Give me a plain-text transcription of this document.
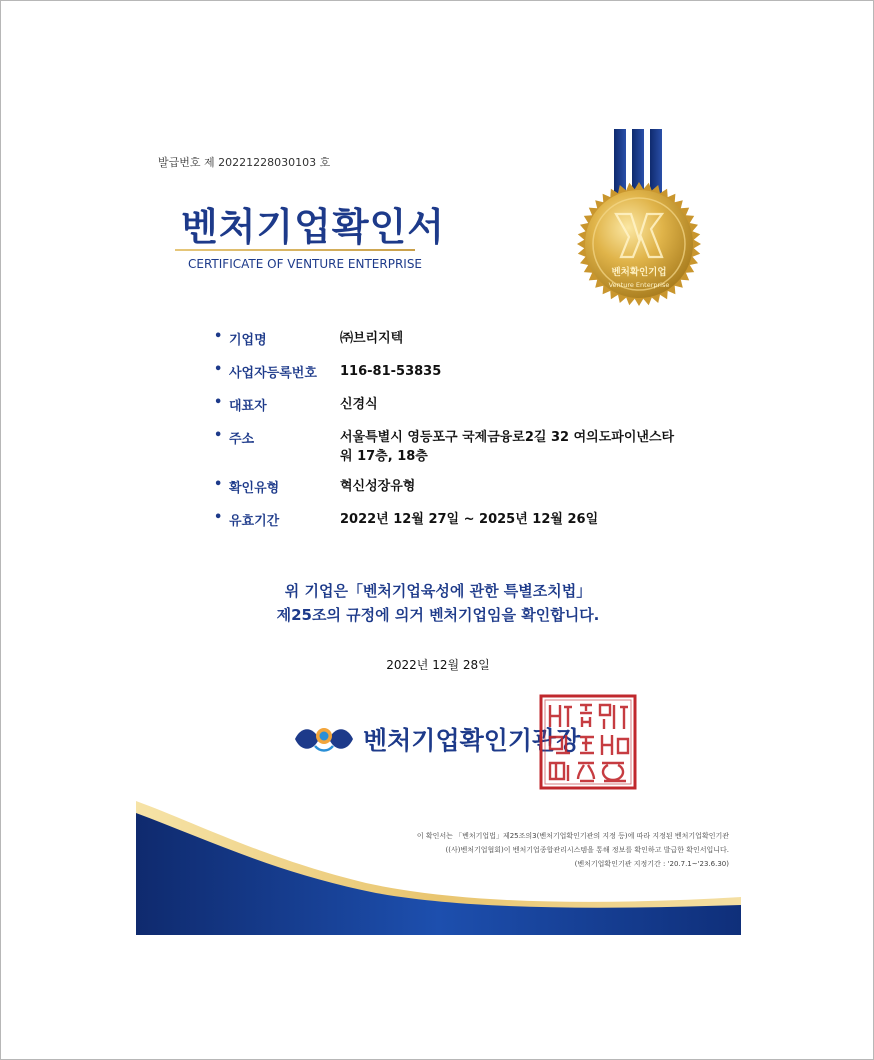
발급번호 제 20221228030103 호
벤처기업확인서
CERTIFICATE OF VENTURE ENTERPRISE
벤처확인기업
Venture Enterprise
• 기업명	㈜브리지텍
• 사업자등록번호 116-81-53835
• 대표자	신경식
• 주소	서울특별시 영등포구 국제금융로2길 32 여의도파이낸스타워 17층, 18층
• 확인유형	혁신성장유형
• 유효기간	2022년 12월 27일 ~ 2025년 12월 26일
위 기업은「벤처기업육성에 관한 특별조치법」
제25조의 규정에 의거 벤처기업임을 확인합니다.
2022년 12월 28일
벤처기업확인기관장
이 확인서는 「벤처기업법」제25조의3(벤처기업확인기관의 지정 등)에 따라 지정된 벤처기업확인기관
((사)벤처기업협회)이 벤처기업종합관리시스템을 통해 정보를 확인하고 발급한 확인서입니다.
(벤처기업확인기관 지정기간 : '20.7.1~'23.6.30)
